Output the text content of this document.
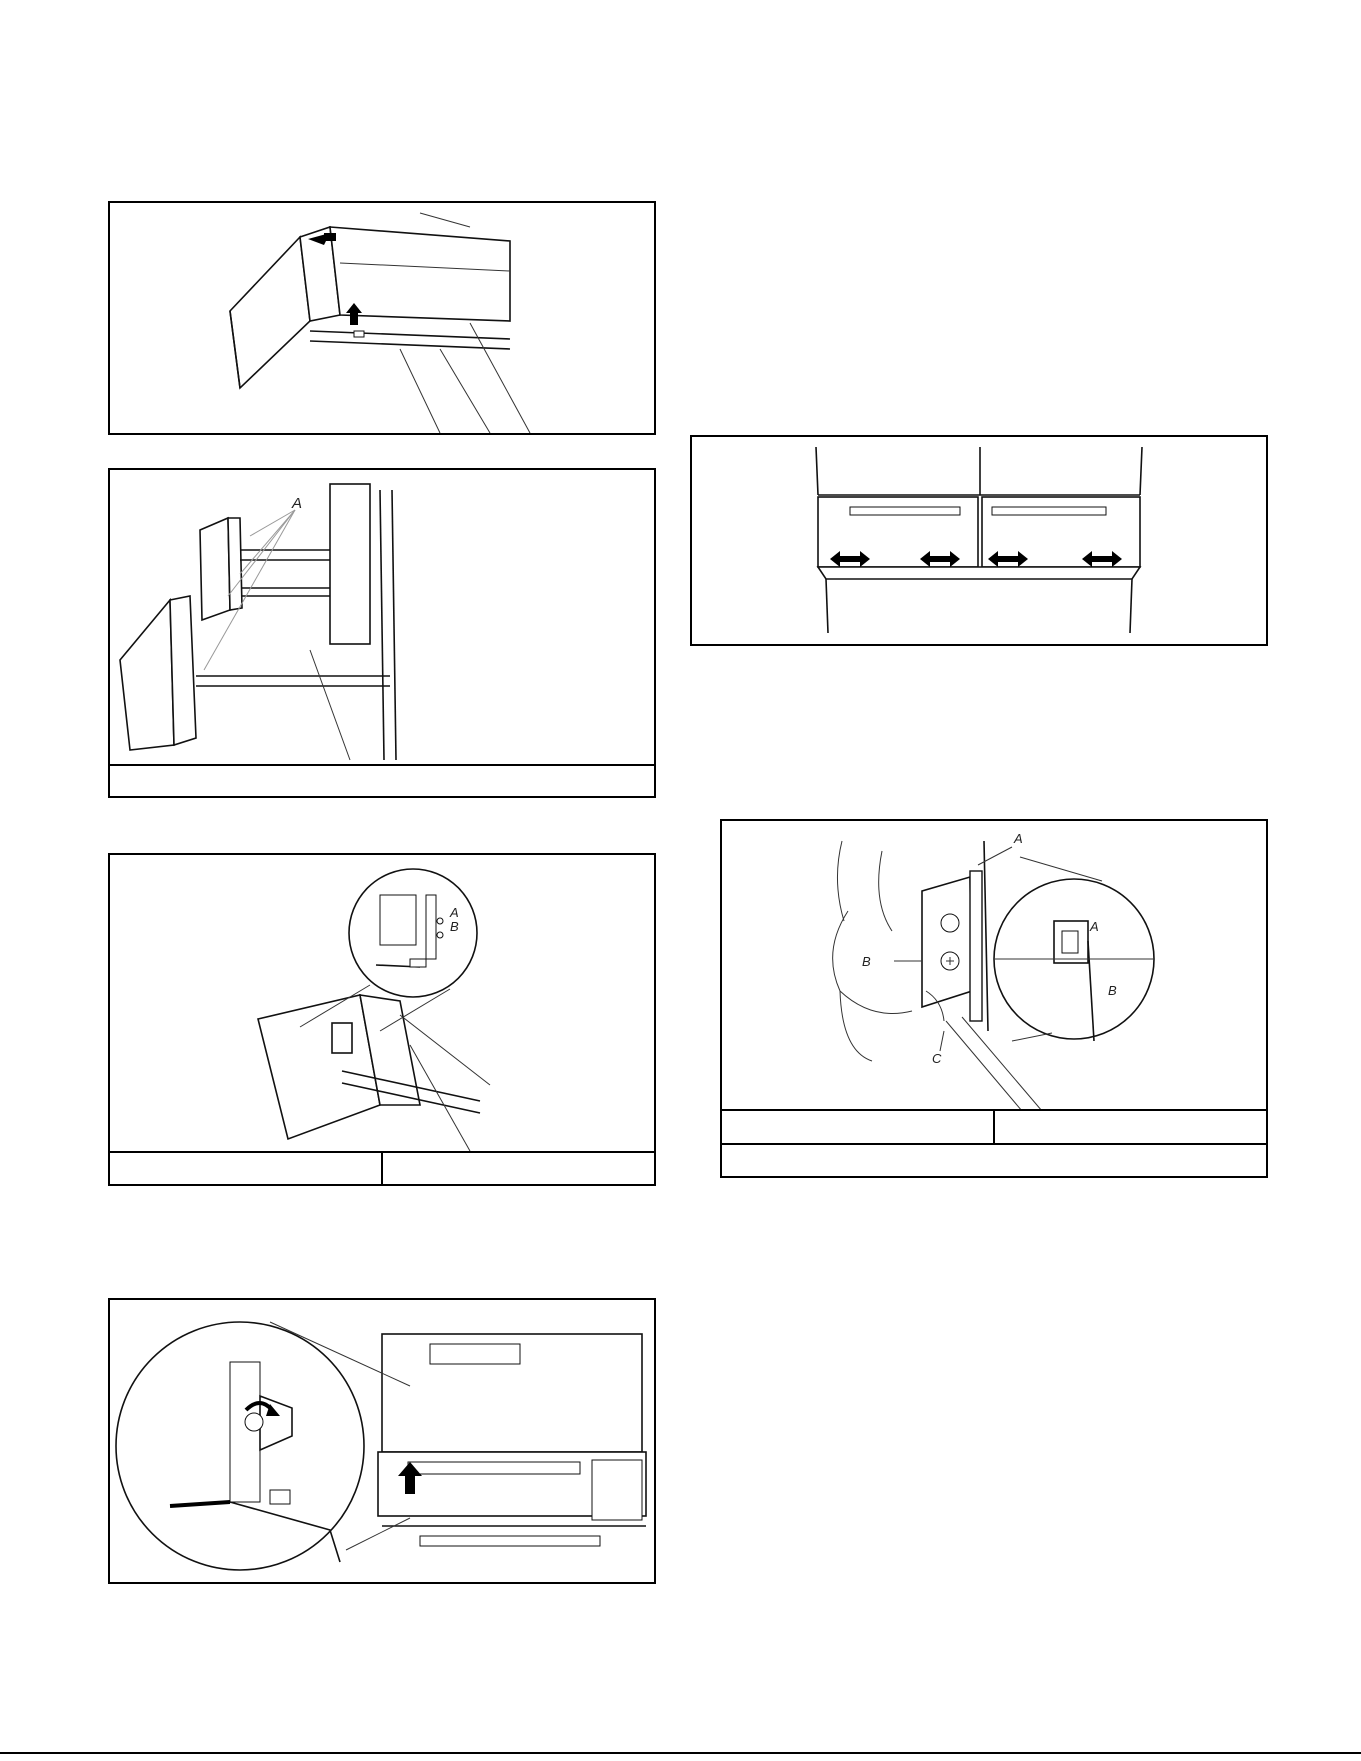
A
A
B
A
B
A
B
C
